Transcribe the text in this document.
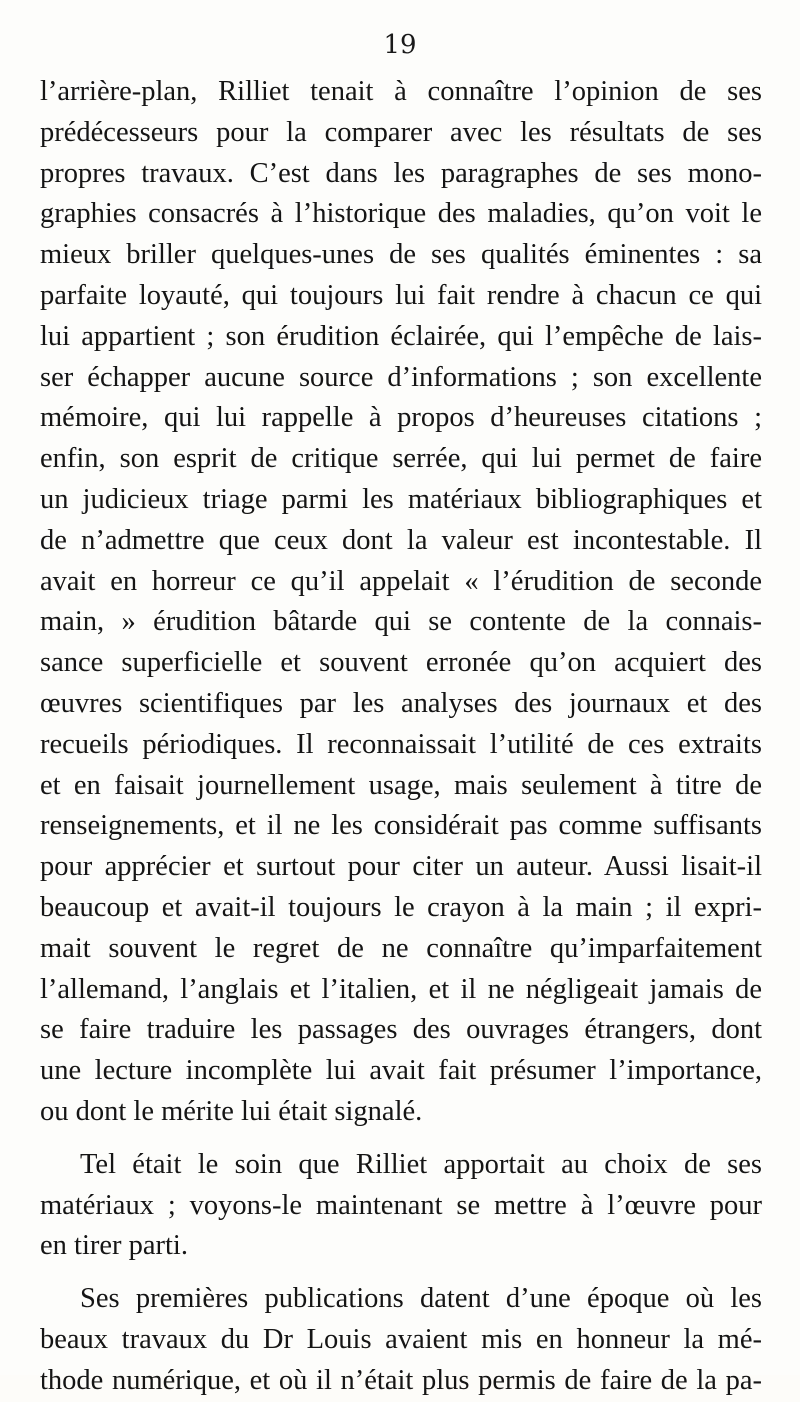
19
l’arrière-plan, Rilliet tenait à connaître l’opinion de ses
prédécesseurs pour la comparer avec les résultats de ses
propres travaux. C’est dans les paragraphes de ses mono-
graphies consacrés à l’historique des maladies, qu’on voit le
mieux briller quelques-unes de ses qualités éminentes : sa
parfaite loyauté, qui toujours lui fait rendre à chacun ce qui
lui appartient ; son érudition éclairée, qui l’empêche de lais-
ser échapper aucune source d’informations ; son excellente
mémoire, qui lui rappelle à propos d’heureuses citations ;
enfin, son esprit de critique serrée, qui lui permet de faire
un judicieux triage parmi les matériaux bibliographiques et
de n’admettre que ceux dont la valeur est incontestable. Il
avait en horreur ce qu’il appelait « l’érudition de seconde
main, » érudition bâtarde qui se contente de la connais-
sance superficielle et souvent erronée qu’on acquiert des
œuvres scientifiques par les analyses des journaux et des
recueils périodiques. Il reconnaissait l’utilité de ces extraits
et en faisait journellement usage, mais seulement à titre de
renseignements, et il ne les considérait pas comme suffisants
pour apprécier et surtout pour citer un auteur. Aussi lisait-il
beaucoup et avait-il toujours le crayon à la main ; il expri-
mait souvent le regret de ne connaître qu’imparfaitement
l’allemand, l’anglais et l’italien, et il ne négligeait jamais de
se faire traduire les passages des ouvrages étrangers, dont
une lecture incomplète lui avait fait présumer l’importance,
ou dont le mérite lui était signalé.
Tel était le soin que Rilliet apportait au choix de ses
matériaux ; voyons-le maintenant se mettre à l’œuvre pour
en tirer parti.
Ses premières publications datent d’une époque où les
beaux travaux du Dr Louis avaient mis en honneur la mé-
thode numérique, et où il n’était plus permis de faire de la pa-
